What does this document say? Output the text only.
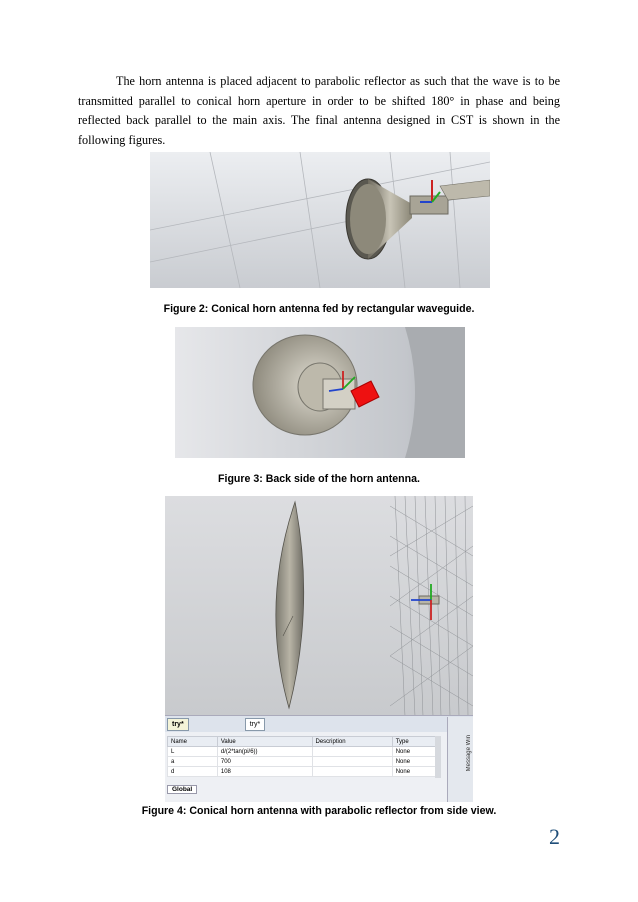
The horn antenna is placed adjacent to parabolic reflector as such that the wave is to be transmitted parallel to conical horn aperture in order to be shifted 180° in phase and being reflected back parallel to the main axis. The final antenna designed in CST is shown in the following figures.

Figure 2: Conical horn antenna fed by rectangular waveguide.
Figure 3: Back side of the horn antenna.
try*	try*
Name	Value	Description	Type
L	d/(2*tan(pi/6))		None
a	700		None
d	108		None
Global
Message Win
Figure 4: Conical horn antenna with parabolic reflector from side view.
2
